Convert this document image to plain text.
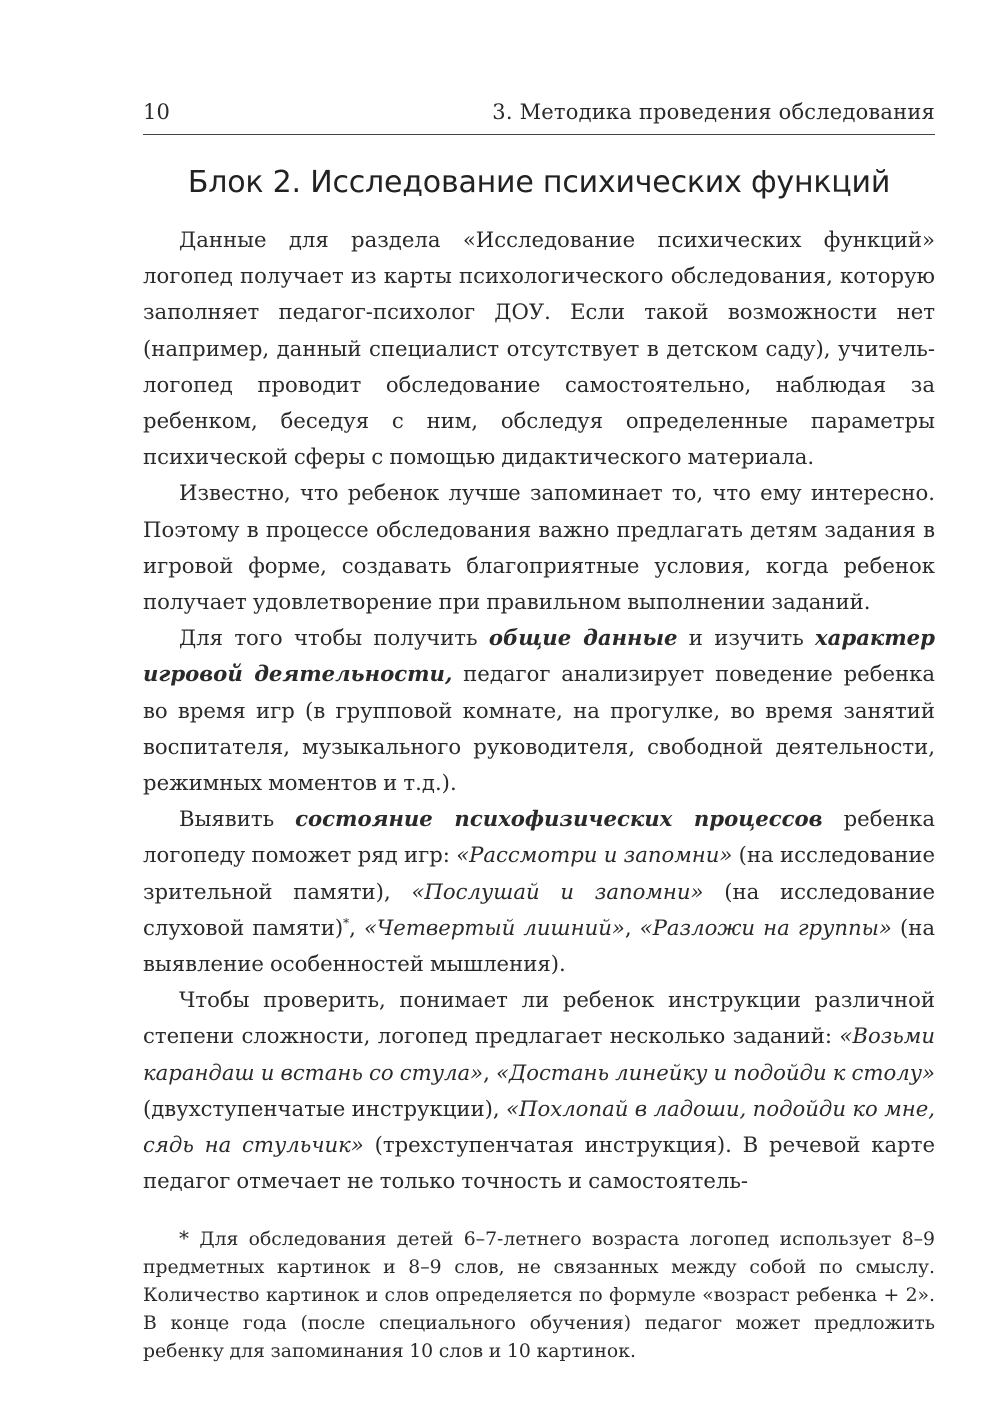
10	3. Методика проведения обследования
Блок 2. Исследование психических функций

Данные для раздела «Исследование психических функций» логопед получает из карты психологического обследования, которую заполняет педагог-психолог ДОУ. Если такой возможности нет (например, данный специалист отсутствует в детском саду), учитель-логопед проводит обследование самостоятельно, наблюдая за ребенком, беседуя с ним, обследуя определенные параметры психической сферы с помощью дидактического материала.

Известно, что ребенок лучше запоминает то, что ему интересно. Поэтому в процессе обследования важно предлагать детям задания в игровой форме, создавать благоприятные условия, когда ребенок получает удовлетворение при правильном выполнении заданий.

Для того чтобы получить общие данные и изучить характер игровой деятельности, педагог анализирует поведение ребенка во время игр (в групповой комнате, на прогулке, во время занятий воспитателя, музыкального руководителя, свободной деятельности, режимных моментов и т.д.).

Выявить состояние психофизических процессов ребенка логопеду поможет ряд игр: «Рассмотри и запомни» (на исследование зрительной памяти), «Послушай и запомни» (на исследование слуховой памяти)*, «Четвертый лишний», «Разложи на группы» (на выявление особенностей мышления).

Чтобы проверить, понимает ли ребенок инструкции различной степени сложности, логопед предлагает несколько заданий: «Возьми карандаш и встань со стула», «Достань линейку и подойди к столу» (двухступенчатые инструкции), «Похлопай в ладоши, подойди ко мне, сядь на стульчик» (трехступенчатая инструкция). В речевой карте педагог отмечает не только точность и самостоятель-

* Для обследования детей 6–7-летнего возраста логопед использует 8–9 предметных картинок и 8–9 слов, не связанных между собой по смыслу. Количество картинок и слов определяется по формуле «возраст ребенка + 2». В конце года (после специального обучения) педагог может предложить ребенку для запоминания 10 слов и 10 картинок.
